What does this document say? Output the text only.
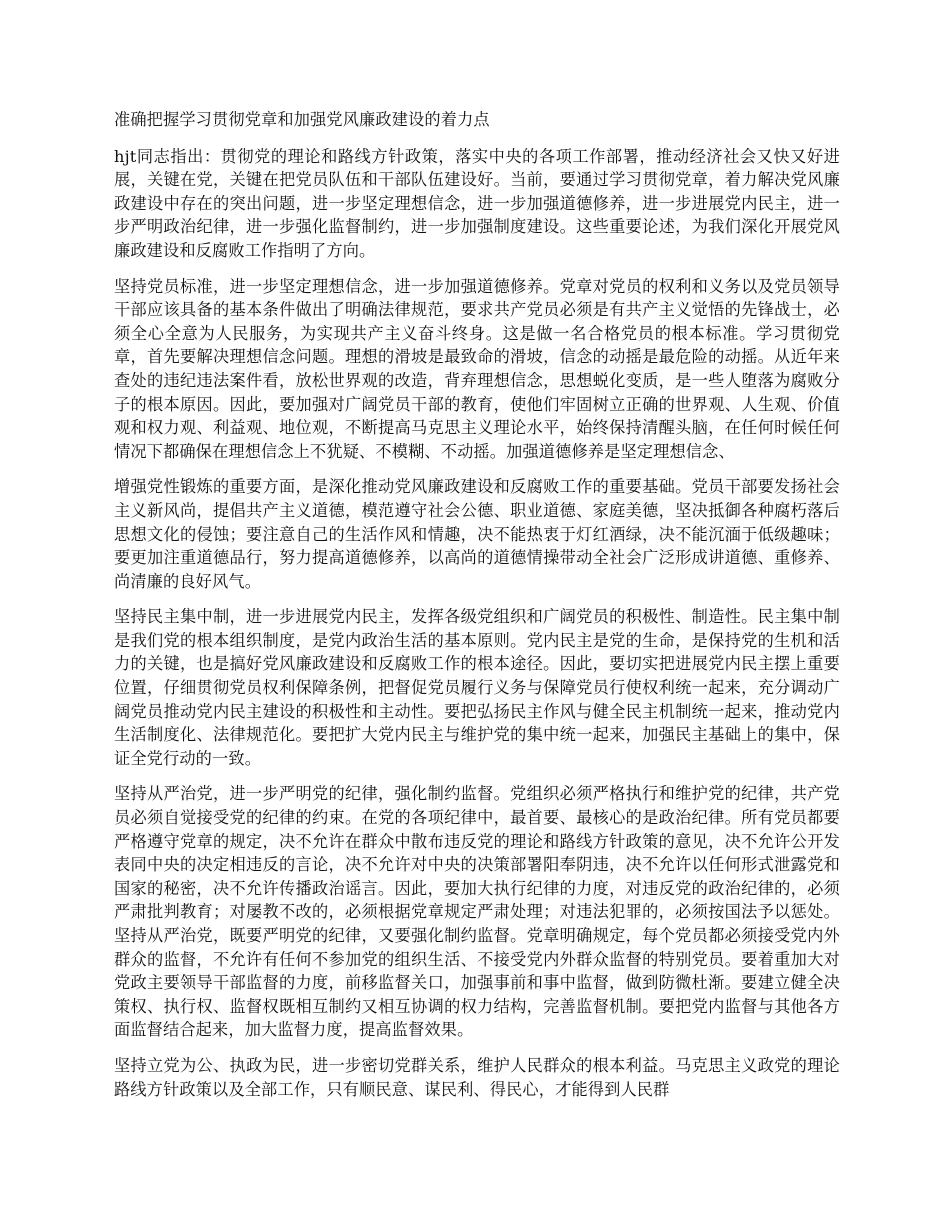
准确把握学习贯彻党章和加强党风廉政建设的着力点

hjt同志指出：贯彻党的理论和路线方针政策，落实中央的各项工作部署，推动经济社会又快又好进展，关键在党，关键在把党员队伍和干部队伍建设好。当前，要通过学习贯彻党章，着力解决党风廉政建设中存在的突出问题，进一步坚定理想信念，进一步加强道德修养，进一步进展党内民主，进一步严明政治纪律，进一步强化监督制约，进一步加强制度建设。这些重要论述，为我们深化开展党风廉政建设和反腐败工作指明了方向。

坚持党员标准，进一步坚定理想信念，进一步加强道德修养。党章对党员的权利和义务以及党员领导干部应该具备的基本条件做出了明确法律规范，要求共产党员必须是有共产主义觉悟的先锋战士，必须全心全意为人民服务，为实现共产主义奋斗终身。这是做一名合格党员的根本标准。学习贯彻党章，首先要解决理想信念问题。理想的滑坡是最致命的滑坡，信念的动摇是最危险的动摇。从近年来查处的违纪违法案件看，放松世界观的改造，背弃理想信念，思想蜕化变质，是一些人堕落为腐败分子的根本原因。因此，要加强对广阔党员干部的教育，使他们牢固树立正确的世界观、人生观、价值观和权力观、利益观、地位观，不断提高马克思主义理论水平，始终保持清醒头脑，在任何时候任何情况下都确保在理想信念上不犹疑、不模糊、不动摇。加强道德修养是坚定理想信念、

增强党性锻炼的重要方面，是深化推动党风廉政建设和反腐败工作的重要基础。党员干部要发扬社会主义新风尚，提倡共产主义道德，模范遵守社会公德、职业道德、家庭美德，坚决抵御各种腐朽落后思想文化的侵蚀；要注意自己的生活作风和情趣，决不能热衷于灯红酒绿，决不能沉湎于低级趣味；要更加注重道德品行，努力提高道德修养，以高尚的道德情操带动全社会广泛形成讲道德、重修养、尚清廉的良好风气。

坚持民主集中制，进一步进展党内民主，发挥各级党组织和广阔党员的积极性、制造性。民主集中制是我们党的根本组织制度，是党内政治生活的基本原则。党内民主是党的生命，是保持党的生机和活力的关键，也是搞好党风廉政建设和反腐败工作的根本途径。因此，要切实把进展党内民主摆上重要位置，仔细贯彻党员权利保障条例，把督促党员履行义务与保障党员行使权利统一起来，充分调动广阔党员推动党内民主建设的积极性和主动性。要把弘扬民主作风与健全民主机制统一起来，推动党内生活制度化、法律规范化。要把扩大党内民主与维护党的集中统一起来，加强民主基础上的集中，保证全党行动的一致。

坚持从严治党，进一步严明党的纪律，强化制约监督。党组织必须严格执行和维护党的纪律，共产党员必须自觉接受党的纪律的约束。在党的各项纪律中，最首要、最核心的是政治纪律。所有党员都要严格遵守党章的规定，决不允许在群众中散布违反党的理论和路线方针政策的意见，决不允许公开发表同中央的决定相违反的言论，决不允许对中央的决策部署阳奉阴违，决不允许以任何形式泄露党和国家的秘密，决不允许传播政治谣言。因此，要加大执行纪律的力度，对违反党的政治纪律的，必须严肃批判教育；对屡教不改的，必须根据党章规定严肃处理；对违法犯罪的，必须按国法予以惩处。坚持从严治党，既要严明党的纪律，又要强化制约监督。党章明确规定，每个党员都必须接受党内外群众的监督，不允许有任何不参加党的组织生活、不接受党内外群众监督的特别党员。要着重加大对党政主要领导干部监督的力度，前移监督关口，加强事前和事中监督，做到防微杜渐。要建立健全决策权、执行权、监督权既相互制约又相互协调的权力结构，完善监督机制。要把党内监督与其他各方面监督结合起来，加大监督力度，提高监督效果。

坚持立党为公、执政为民，进一步密切党群关系，维护人民群众的根本利益。马克思主义政党的理论路线方针政策以及全部工作，只有顺民意、谋民利、得民心，才能得到人民群
